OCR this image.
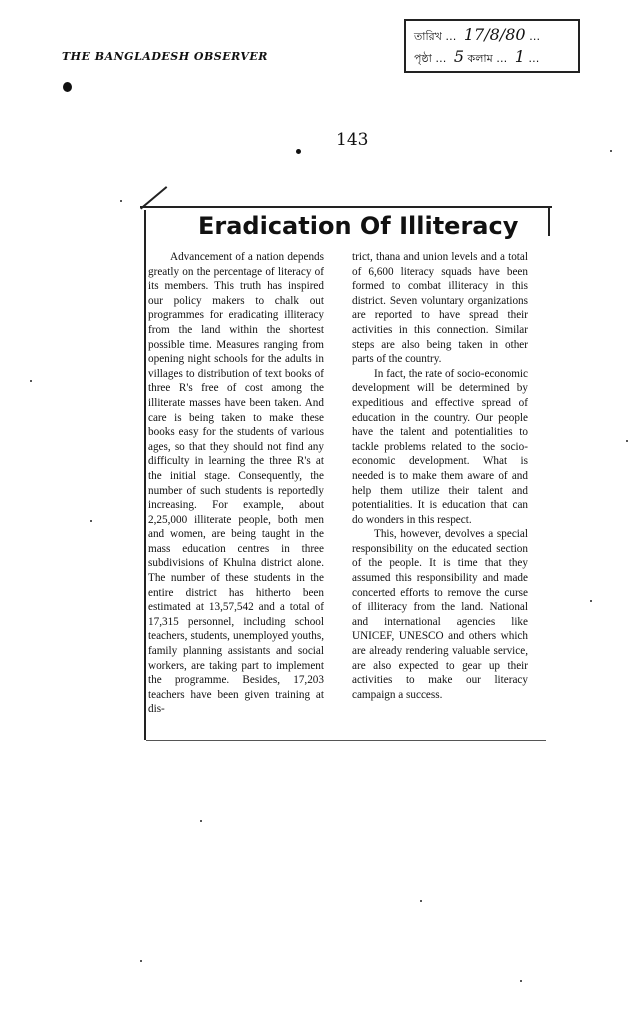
THE BANGLADESH OBSERVER
তারিখ … 17/8/80 …
পৃষ্ঠা … 5 কলাম … 1 …
143
Eradication Of Illiteracy

Advancement of a nation depends greatly on the percentage of literacy of its members. This truth has inspired our policy makers to chalk out programmes for eradicating illiteracy from the land within the shortest possible time. Measures ranging from opening night schools for the adults in villages to distribution of text books of three R's free of cost among the illiterate masses have been taken. And care is being taken to make these books easy for the students of various ages, so that they should not find any difficulty in learning the three R's at the initial stage. Consequently, the number of such students is reportedly increasing. For example, about 2,25,000 illiterate people, both men and women, are being taught in the mass education centres in three subdivisions of Khulna district alone. The number of these students in the entire district has hitherto been estimated at 13,57,542 and a total of 17,315 personnel, including school teachers, students, unemployed youths, family planning assistants and social workers, are taking part to implement the programme. Besides, 17,203 teachers have been given training at dis-

trict, thana and union levels and a total of 6,600 literacy squads have been formed to combat illiteracy in this district. Seven voluntary organizations are reported to have spread their activities in this connection. Similar steps are also being taken in other parts of the country.

In fact, the rate of socio-economic development will be determined by expeditious and effective spread of education in the country. Our people have the talent and potentialities to tackle problems related to the socio-economic development. What is needed is to make them aware of and help them utilize their talent and potentialities. It is education that can do wonders in this respect.

This, however, devolves a special responsibility on the educated section of the people. It is time that they assumed this responsibility and made concerted efforts to remove the curse of illiteracy from the land. National and international agencies like UNICEF, UNESCO and others which are already rendering valuable service, are also expected to gear up their activities to make our literacy campaign a success.
